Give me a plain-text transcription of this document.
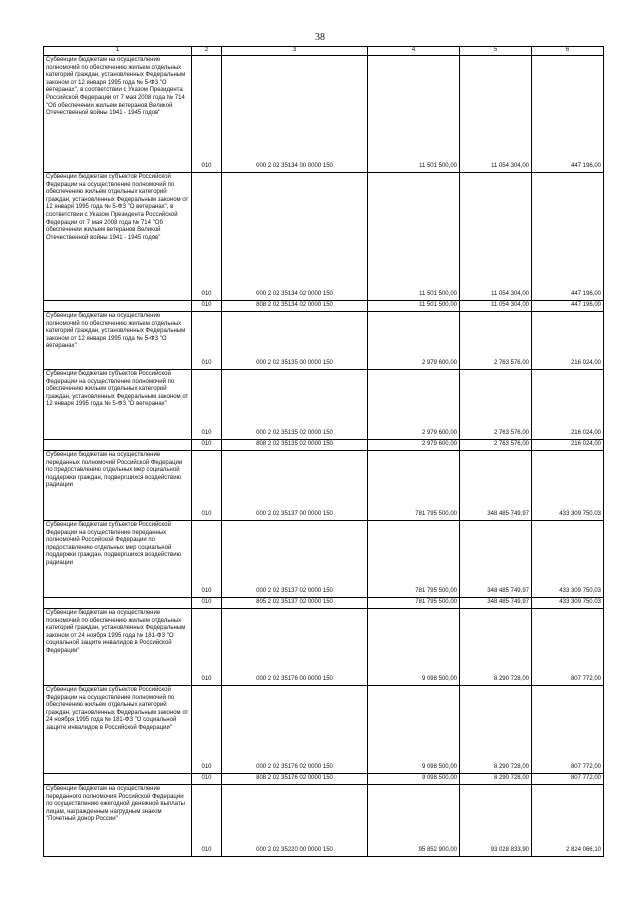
38
1	2	3	4	5	6
Субвенции бюджетам на осуществление полномочий по обеспечению жильем отдельных категорий граждан, установленных Федеральным законом от 12 января 1995 года № 5-ФЗ "О ветеранах", в соответствии с Указом Президента Российской Федерации от 7 мая 2008 года № 714 "Об обеспечении жильем ветеранов Великой Отечественной войны 1941 - 1945 годов"	010	000 2 02 35134 00 0000 150	11 501 500,00	11 054 304,00	447 196,00
Субвенции бюджетам субъектов Российской Федерации на осуществление полномочий по обеспечению жильем отдельных категорий граждан, установленных Федеральным законом от 12 января 1995 года № 5-ФЗ "О ветеранах", в соответствии с Указом Президента Российской Федерации от 7 мая 2008 года № 714 "Об обеспечении жильем ветеранов Великой Отечественной войны 1941 - 1945 годов"	010	000 2 02 35134 02 0000 150	11 501 500,00	11 054 304,00	447 196,00
	010	808 2 02 35134 02 0000 150	11 501 500,00	11 054 304,00	447 196,00
Субвенции бюджетам на осуществление полномочий по обеспечению жильем отдельных категорий граждан, установленных Федеральным законом от 12 января 1995 года № 5-ФЗ "О ветеранах"	010	000 2 02 35135 00 0000 150	2 979 600,00	2 763 576,00	216 024,00
Субвенции бюджетам субъектов Российской Федерации на осуществление полномочий по обеспечению жильем отдельных категорий граждан, установленных Федеральным законом от 12 января 1995 года № 5-ФЗ "О ветеранах"	010	000 2 02 35135 02 0000 150	2 979 600,00	2 763 576,00	216 024,00
	010	808 2 02 35135 02 0000 150	2 979 600,00	2 763 576,00	216 024,00
Субвенции бюджетам на осуществление переданных полномочий Российской Федерации по предоставлению отдельных мер социальной поддержки граждан, подвергшихся воздействию радиации	010	000 2 02 35137 00 0000 150	781 795 500,00	348 485 749,97	433 309 750,03
Субвенции бюджетам субъектов Российской Федерации на осуществление переданных полномочий Российской Федерации по предоставлению отдельных мер социальной поддержки граждан, подвергшихся воздействию радиации	010	000 2 02 35137 02 0000 150	781 795 500,00	348 485 749,97	433 309 750,03
	010	805 2 02 35137 02 0000 150	781 795 500,00	348 485 749,97	433 309 750,03
Субвенции бюджетам на осуществление полномочий по обеспечению жильем отдельных категорий граждан, установленных Федеральным законом от 24 ноября 1995 года № 181-ФЗ "О социальной защите инвалидов в Российской Федерации"	010	000 2 02 35176 00 0000 150	9 098 500,00	8 290 728,00	807 772,00
Субвенции бюджетам субъектов Российской Федерации на осуществление полномочий по обеспечению жильем отдельных категорий граждан, установленных Федеральным законом от 24 ноября 1995 года № 181-ФЗ "О социальной защите инвалидов в Российской Федерации"	010	000 2 02 35176 02 0000 150	9 098 500,00	8 290 728,00	807 772,00
	010	808 2 02 35176 02 0000 150	9 098 500,00	8 290 728,00	807 772,00
Субвенции бюджетам на осуществление переданного полномочия Российской Федерации по осуществлению ежегодной денежной выплаты лицам, награжденным нагрудным знаком "Почетный донор России"	010	000 2 02 35220 00 0000 150	95 852 900,00	93 028 833,90	2 824 066,10
